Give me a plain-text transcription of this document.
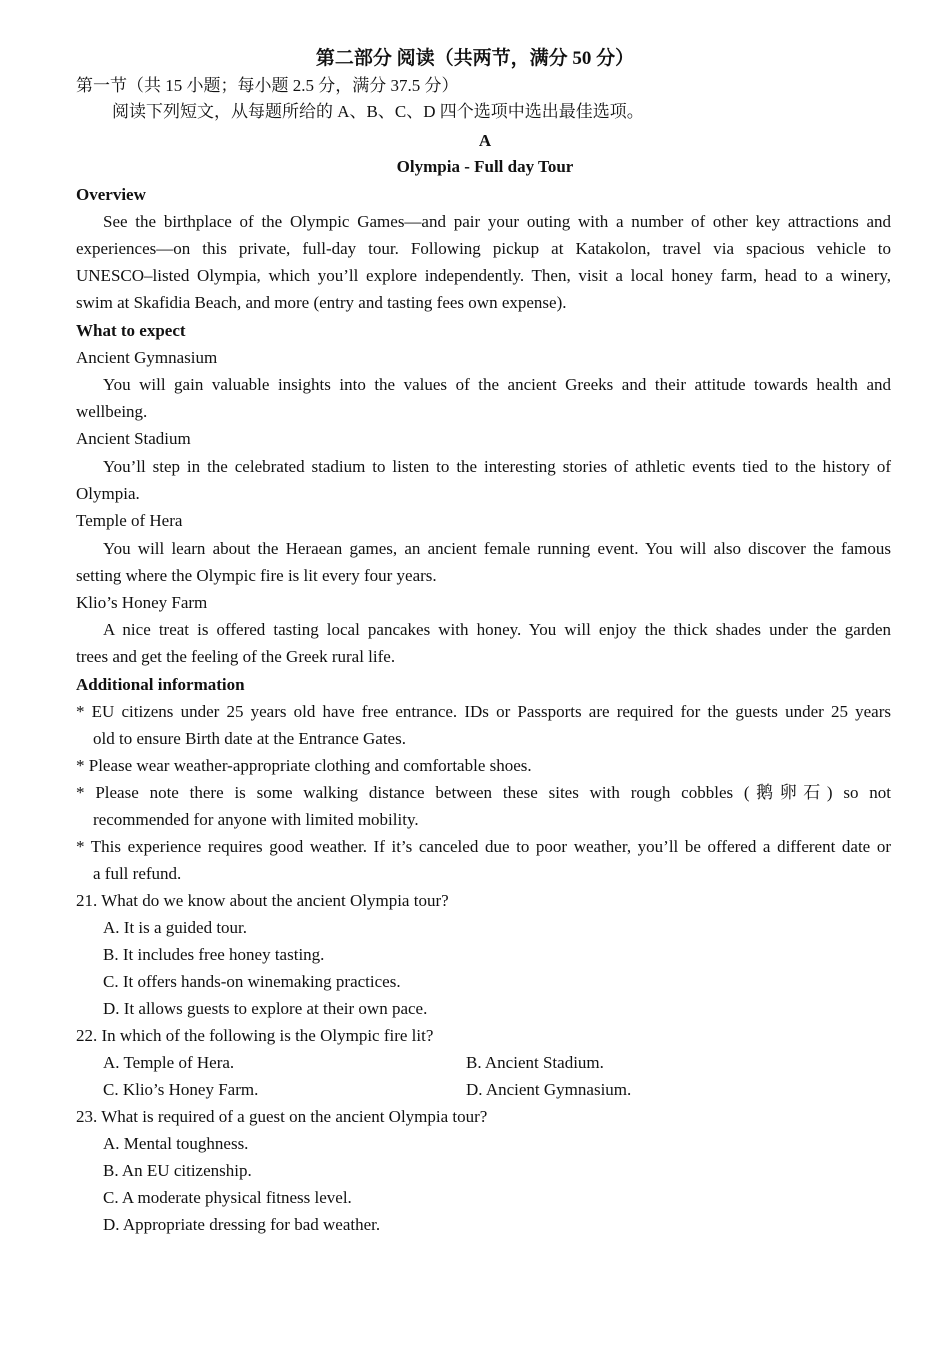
第二部分 阅读（共两节，满分 50 分）
第一节（共 15 小题；每小题 2.5 分，满分 37.5 分）
阅读下列短文，从每题所给的 A、B、C、D 四个选项中选出最佳选项。
A
Olympia - Full day Tour
Overview
See the birthplace of the Olympic Games—and pair your outing with a number of other key attractions and
experiences—on this private, full-day tour. Following pickup at Katakolon, travel via spacious vehicle to
UNESCO–listed Olympia, which you’ll explore independently. Then, visit a local honey farm, head to a winery,
swim at Skafidia Beach, and more (entry and tasting fees own expense).
What to expect
Ancient Gymnasium
You will gain valuable insights into the values of the ancient Greeks and their attitude towards health and
wellbeing.
Ancient Stadium
You’ll step in the celebrated stadium to listen to the interesting stories of athletic events tied to the history of
Olympia.
Temple of Hera
You will learn about the Heraean games, an ancient female running event. You will also discover the famous
setting where the Olympic fire is lit every four years.
Klio’s Honey Farm
A nice treat is offered tasting local pancakes with honey. You will enjoy the thick shades under the garden
trees and get the feeling of the Greek rural life.
Additional information
* EU citizens under 25 years old have free entrance. IDs or Passports are required for the guests under 25 years
old to ensure Birth date at the Entrance Gates.
* Please wear weather-appropriate clothing and comfortable shoes.
* Please note there is some walking distance between these sites with rough cobbles (鹅卵石) so not
recommended for anyone with limited mobility.
* This experience requires good weather. If it’s canceled due to poor weather, you’ll be offered a different date or
a full refund.
21. What do we know about the ancient Olympia tour?
A. It is a guided tour.
B. It includes free honey tasting.
C. It offers hands-on winemaking practices.
D. It allows guests to explore at their own pace.
22. In which of the following is the Olympic fire lit?
A. Temple of Hera.	B. Ancient Stadium.
C. Klio’s Honey Farm.	D. Ancient Gymnasium.
23. What is required of a guest on the ancient Olympia tour?
A. Mental toughness.
B. An EU citizenship.
C. A moderate physical fitness level.
D. Appropriate dressing for bad weather.
